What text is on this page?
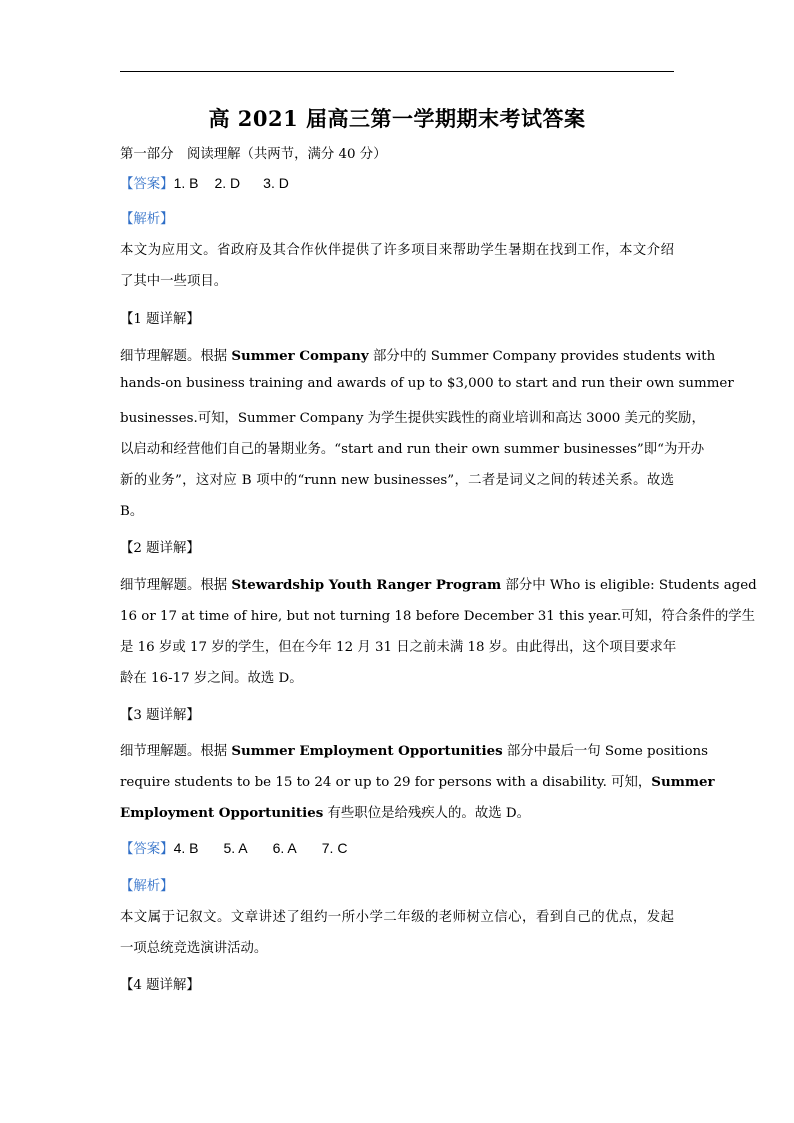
高 2021 届高三第一学期期末考试答案
第一部分　阅读理解（共两节，满分 40 分）
【答案】1. B 2. D 3. D
【解析】
本文为应用文。省政府及其合作伙伴提供了许多项目来帮助学生暑期在找到工作，本文介绍
了其中一些项目。
【1 题详解】
细节理解题。根据 Summer Company 部分中的 Summer Company provides students with
hands-on business training and awards of up to $3,000 to start and run their own summer
businesses.可知，Summer Company 为学生提供实践性的商业培训和高达 3000 美元的奖励，
以启动和经营他们自己的暑期业务。“start and run their own summer businesses”即“为开办
新的业务”，这对应 B 项中的“runn new businesses”，二者是词义之间的转述关系。故选
B。
【2 题详解】
细节理解题。根据 Stewardship Youth Ranger Program 部分中 Who is eligible: Students aged
16 or 17 at time of hire, but not turning 18 before December 31 this year.可知，符合条件的学生
是 16 岁或 17 岁的学生，但在今年 12 月 31 日之前未满 18 岁。由此得出，这个项目要求年
龄在 16-17 岁之间。故选 D。
【3 题详解】
细节理解题。根据 Summer Employment Opportunities 部分中最后一句 Some positions
require students to be 15 to 24 or up to 29 for persons with a disability. 可知，Summer
Employment Opportunities 有些职位是给残疾人的。故选 D。
【答案】4. B 5. A 6. A 7. C
【解析】
本文属于记叙文。文章讲述了组约一所小学二年级的老师树立信心，看到自己的优点，发起
一项总统竞选演讲活动。
【4 题详解】
